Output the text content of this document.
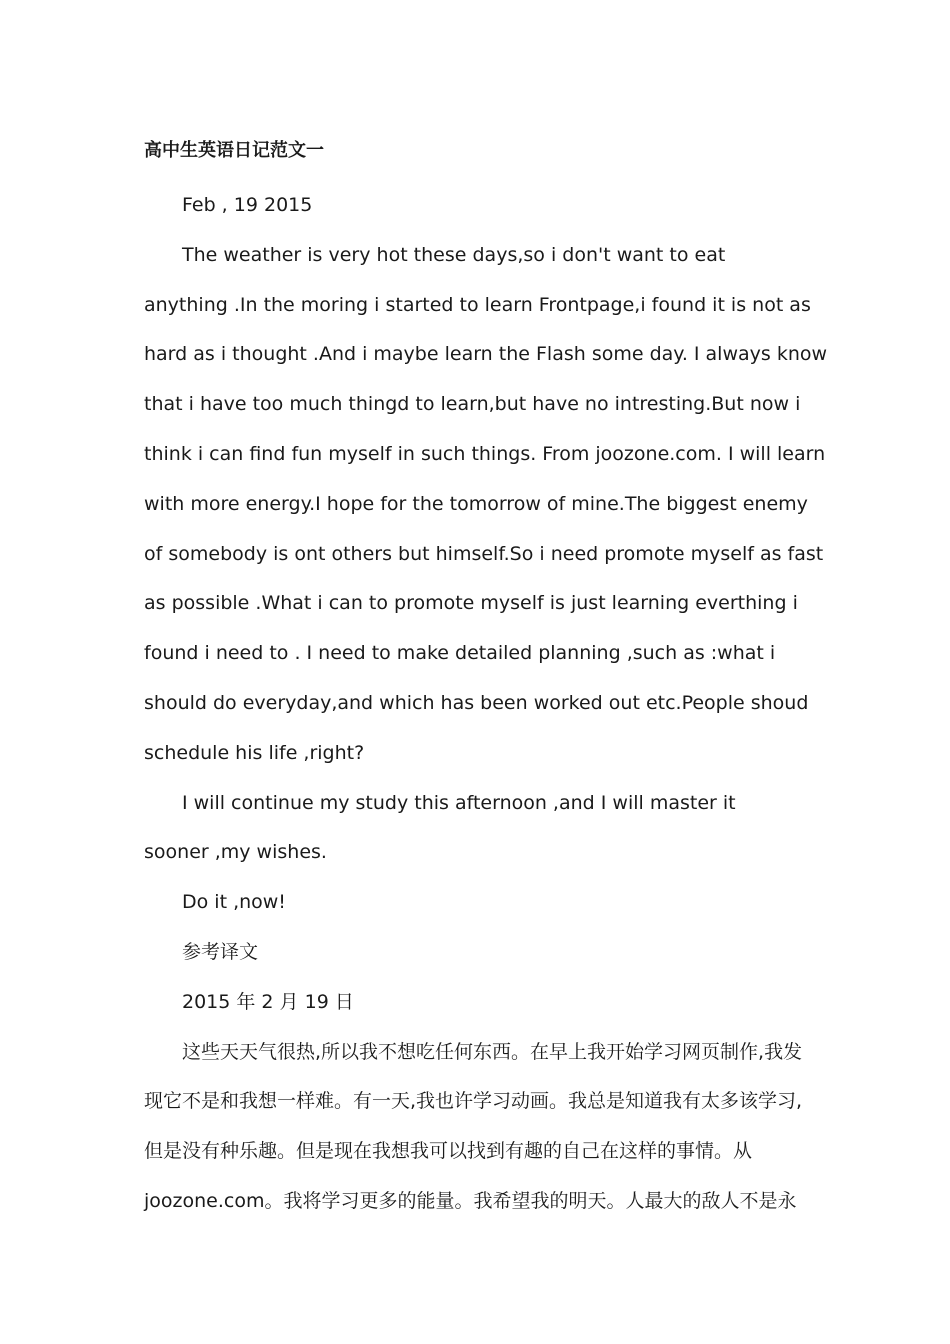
高中生英语日记范文一
Feb , 19 2015
The weather is very hot these days,so i don't want to eat
anything .In the moring i started to learn Frontpage,i found it is not as
hard as i thought .And i maybe learn the Flash some day. I always know
that i have too much thingd to learn,but have no intresting.But now i
think i can find fun myself in such things. From joozone.com. I will learn
with more energy.I hope for the tomorrow of mine.The biggest enemy
of somebody is ont others but himself.So i need promote myself as fast
as possible .What i can to promote myself is just learning everthing i
found i need to . I need to make detailed planning ,such as :what i
should do everyday,and which has been worked out etc.People shoud
schedule his life ,right?
I will continue my study this afternoon ,and I will master it
sooner ,my wishes.
Do it ,now!
参考译文
2015 年 2 月 19 日
这些天天气很热,所以我不想吃任何东西。在早上我开始学习网页制作,我发
现它不是和我想一样难。有一天,我也许学习动画。我总是知道我有太多该学习,
但是没有种乐趣。但是现在我想我可以找到有趣的自己在这样的事情。从
joozone.com。我将学习更多的能量。我希望我的明天。人最大的敌人不是永
